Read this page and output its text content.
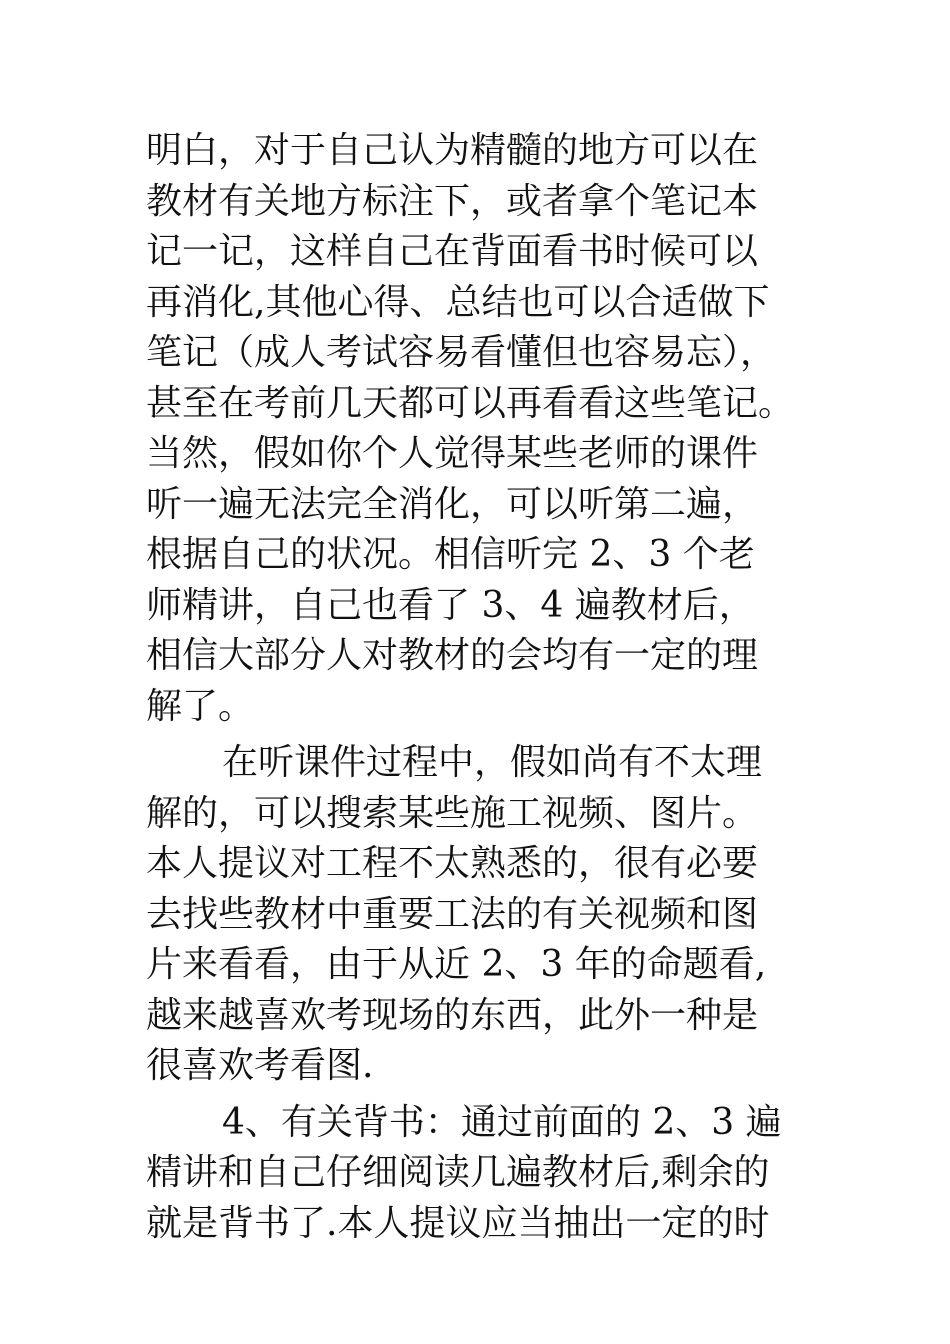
明白，对于自己认为精髓的地方可以在
教材有关地方标注下，或者拿个笔记本
记一记，这样自己在背面看书时候可以
再消化,其他心得、总结也可以合适做下
笔记（成人考试容易看懂但也容易忘），
甚至在考前几天都可以再看看这些笔记。
当然，假如你个人觉得某些老师的课件
听一遍无法完全消化，可以听第二遍，
根据自己的状况。相信听完 2、3 个老
师精讲，自己也看了 3、4 遍教材后，
相信大部分人对教材的会均有一定的理
解了。

在听课件过程中，假如尚有不太理
解的，可以搜索某些施工视频、图片。
本人提议对工程不太熟悉的，很有必要
去找些教材中重要工法的有关视频和图
片来看看，由于从近 2、3 年的命题看,
越来越喜欢考现场的东西，此外一种是
很喜欢考看图.

4、有关背书：通过前面的 2、3 遍
精讲和自己仔细阅读几遍教材后,剩余的
就是背书了.本人提议应当抽出一定的时
